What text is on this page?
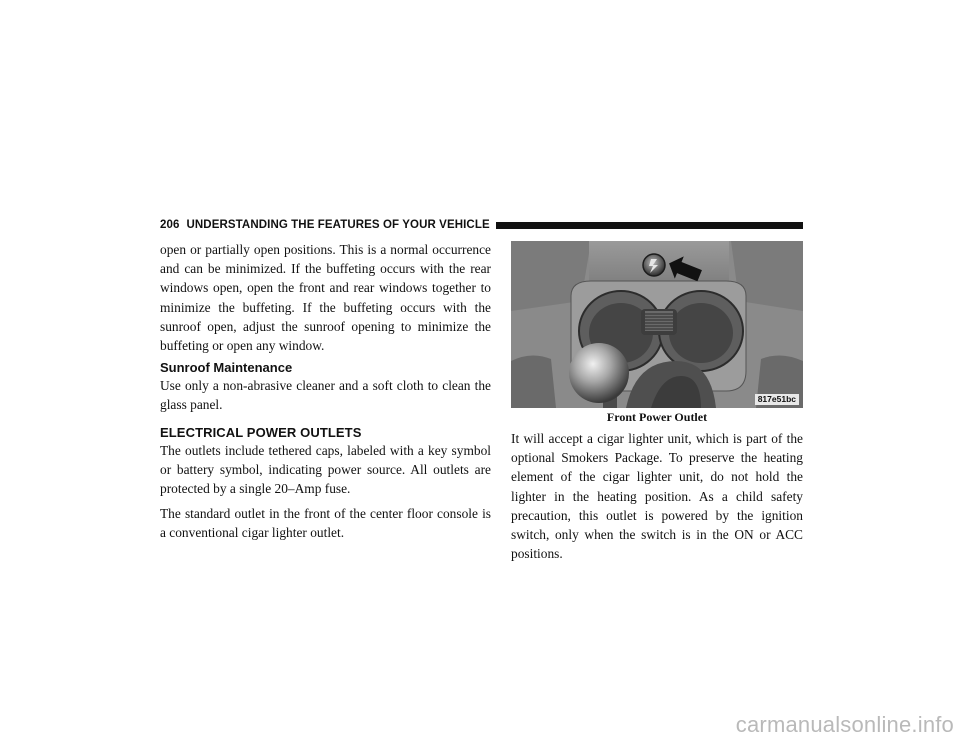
206 UNDERSTANDING THE FEATURES OF YOUR VEHICLE

open or partially open positions. This is a normal occurrence and can be minimized. If the buffeting occurs with the rear windows open, open the front and rear windows together to minimize the buffeting. If the buffeting occurs with the sunroof open, adjust the sunroof opening to minimize the buffeting or open any window.

Sunroof Maintenance

Use only a non-abrasive cleaner and a soft cloth to clean the glass panel.

ELECTRICAL POWER OUTLETS

The outlets include tethered caps, labeled with a key symbol or battery symbol, indicating power source. All outlets are protected by a single 20–Amp fuse.

The standard outlet in the front of the center floor console is a conventional cigar lighter outlet.

817e51bc
Front Power Outlet

It will accept a cigar lighter unit, which is part of the optional Smokers Package. To preserve the heating element of the cigar lighter unit, do not hold the lighter in the heating position. As a child safety precaution, this outlet is powered by the ignition switch, only when the switch is in the ON or ACC positions.

carmanualsonline.info
